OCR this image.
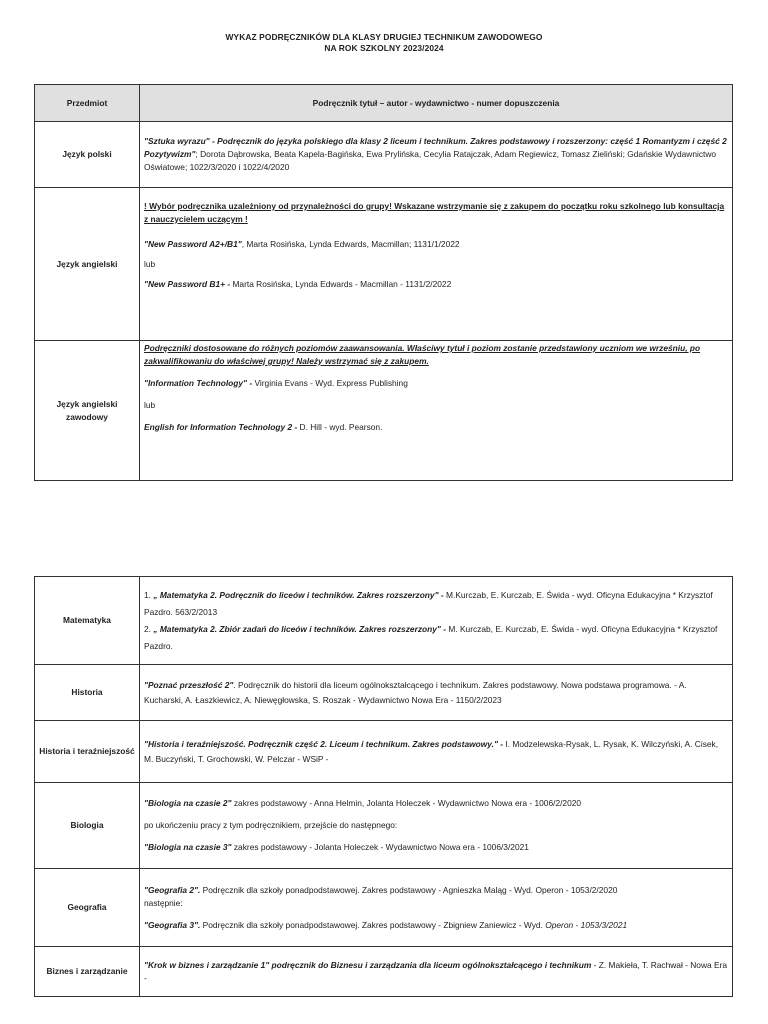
WYKAZ PODRĘCZNIKÓW DLA KLASY DRUGIEJ TECHNIKUM ZAWODOWEGO
NA ROK SZKOLNY 2023/2024
Przedmiot	Podręcznik tytuł – autor - wydawnictwo - numer dopuszczenia
Język polski	"Sztuka wyrazu" - Podręcznik do języka polskiego dla klasy 2 liceum i technikum. Zakres podstawowy i rozszerzony: część 1 Romantyzm i część 2 Pozytywizm"; Dorota Dąbrowska, Beata Kapela-Bagińska, Ewa Prylińska, Cecylia Ratajczak, Adam Regiewicz, Tomasz Zieliński; Gdańskie Wydawnictwo Oświatowe; 1022/3/2020 i 1022/4/2020

Język angielski	! Wybór podręcznika uzależniony od przynależności do grupy! Wskazane wstrzymanie się z zakupem do początku roku szkolnego lub konsultacja z nauczycielem uczącym !

"New Password A2+/B1", Marta Rosińska, Lynda Edwards, Macmillan; 1131/1/2022

lub

"New Password B1+ - Marta Rosińska, Lynda Edwards - Macmillan - 1131/2/2022

Język angielski zawodowy	Podręczniki dostosowane do różnych poziomów zaawansowania. Właściwy tytuł i poziom zostanie przedstawiony uczniom we wrześniu, po zakwalifikowaniu do właściwej grupy! Należy wstrzymać się z zakupem.

"Information Technology" - Virginia Evans - Wyd. Express Publishing

lub

English for Information Technology 2 - D. Hill - wyd. Pearson.

Matematyka	1. „ Matematyka 2. Podręcznik do liceów i techników. Zakres rozszerzony" - M.Kurczab, E. Kurczab, E. Świda - wyd. Oficyna Edukacyjna * Krzysztof Pazdro. 563/2/2013

2. „ Matematyka 2. Zbiór zadań do liceów i techników. Zakres rozszerzony" - M. Kurczab, E. Kurczab, E. Świda - wyd. Oficyna Edukacyjna * Krzysztof Pazdro.

Historia	"Poznać przeszłość 2". Podręcznik do historii dla liceum ogólnokształcącego i technikum. Zakres podstawowy. Nowa podstawa programowa. - A. Kucharski, A. Łaszkiewicz, A. Niewęgłowska, S. Roszak - Wydawnictwo Nowa Era - 1150/2/2023

Historia i teraźniejszość	"Historia i teraźniejszość. Podręcznik część 2. Liceum i technikum. Zakres podstawowy." - I. Modzelewska-Rysak, L. Rysak, K. Wilczyński, A. Cisek, M. Buczyński, T. Grochowski, W. Pelczar - WSiP -

Biologia	"Biologia na czasie 2" zakres podstawowy - Anna Helmin, Jolanta Holeczek - Wydawnictwo Nowa era - 1006/2/2020

po ukończeniu pracy z tym podręcznikiem, przejście do następnego:

"Biologia na czasie 3" zakres podstawowy - Jolanta Holeczek - Wydawnictwo Nowa era - 1006/3/2021

Geografia	"Geografia 2". Podręcznik dla szkoły ponadpodstawowej. Zakres podstawowy - Agnieszka Maląg - Wyd. Operon - 1053/2/2020

następnie:

"Geografia 3". Podręcznik dla szkoły ponadpodstawowej. Zakres podstawowy - Zbigniew Zaniewicz - Wyd. Operon - 1053/3/2021

Biznes i zarządzanie	"Krok w biznes i zarządzanie 1" podręcznik do Biznesu i zarządzania dla liceum ogólnokształcącego i technikum - Z. Makieła, T. Rachwał - Nowa Era -
